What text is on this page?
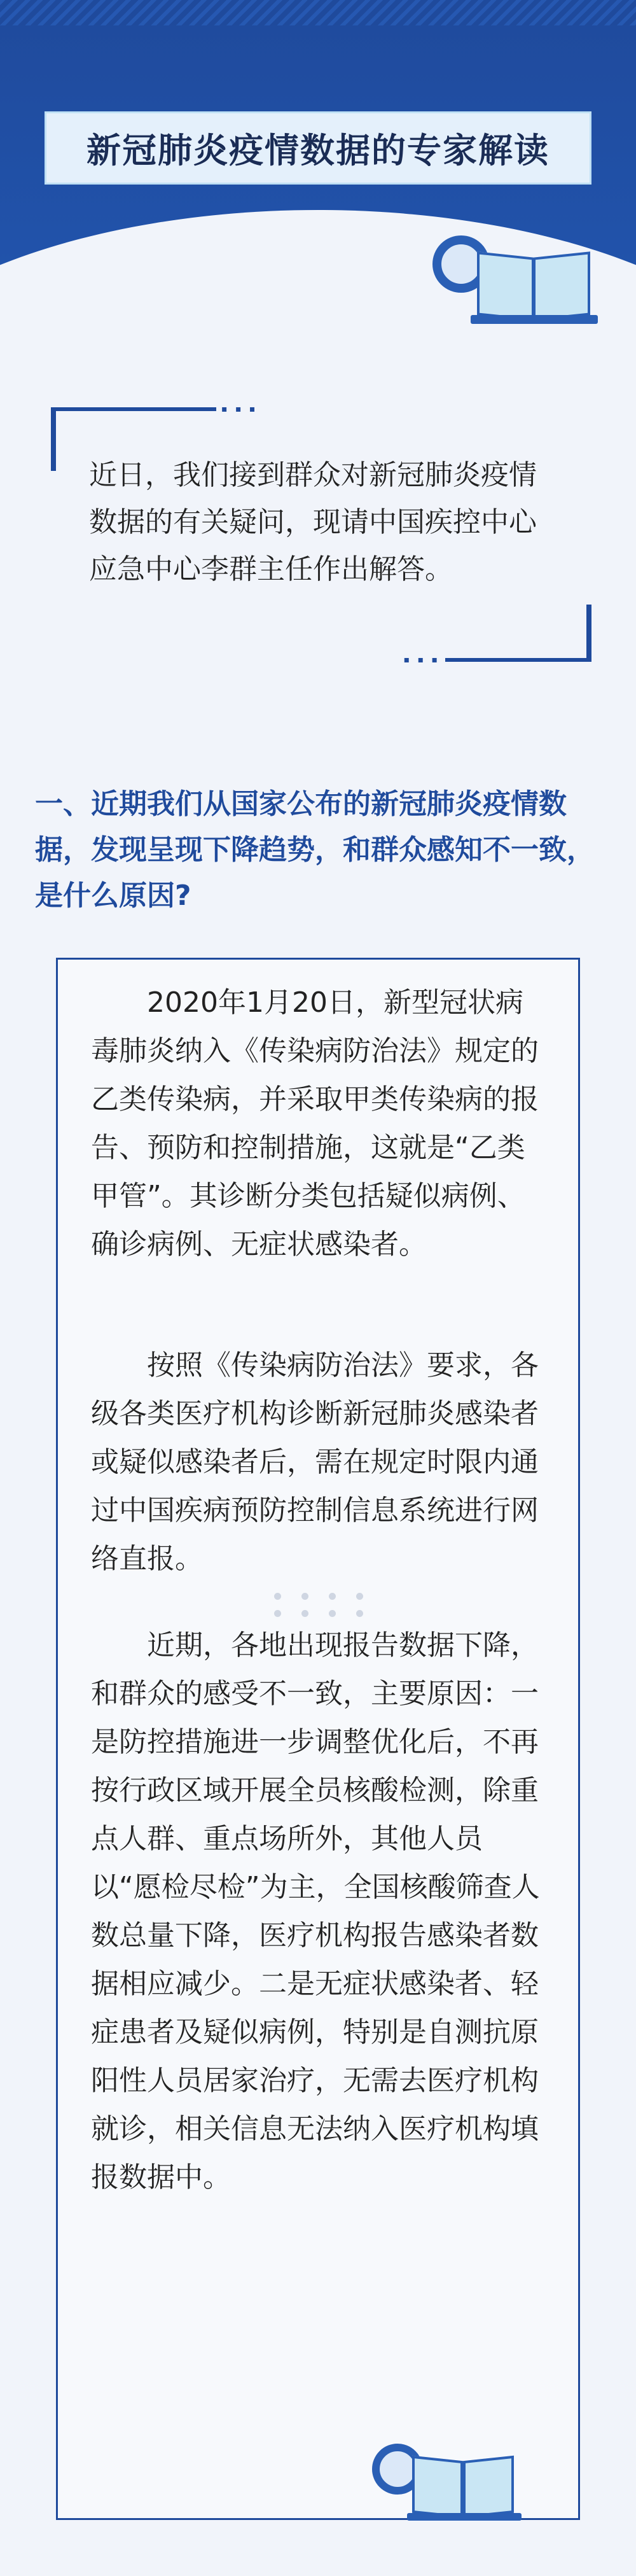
新冠肺炎疫情数据的专家解读
▪ ▪ ▪
近日，我们接到群众对新冠肺炎疫情数据的有关疑问，现请中国疾控中心应急中心李群主任作出解答。
▪ ▪ ▪
一、近期我们从国家公布的新冠肺炎疫情数据，发现呈现下降趋势，和群众感知不一致，是什么原因?
2020年1月20日，新型冠状病毒肺炎纳入《传染病防治法》规定的乙类传染病，并采取甲类传染病的报告、预防和控制措施，这就是“乙类甲管”。其诊断分类包括疑似病例、确诊病例、无症状感染者。
按照《传染病防治法》要求，各级各类医疗机构诊断新冠肺炎感染者或疑似感染者后，需在规定时限内通过中国疾病预防控制信息系统进行网络直报。
近期，各地出现报告数据下降，和群众的感受不一致，主要原因：一是防控措施进一步调整优化后，不再按行政区域开展全员核酸检测，除重点人群、重点场所外，其他人员以“愿检尽检”为主，全国核酸筛查人数总量下降，医疗机构报告感染者数据相应减少。二是无症状感染者、轻症患者及疑似病例，特别是自测抗原阳性人员居家治疗，无需去医疗机构就诊，相关信息无法纳入医疗机构填报数据中。
